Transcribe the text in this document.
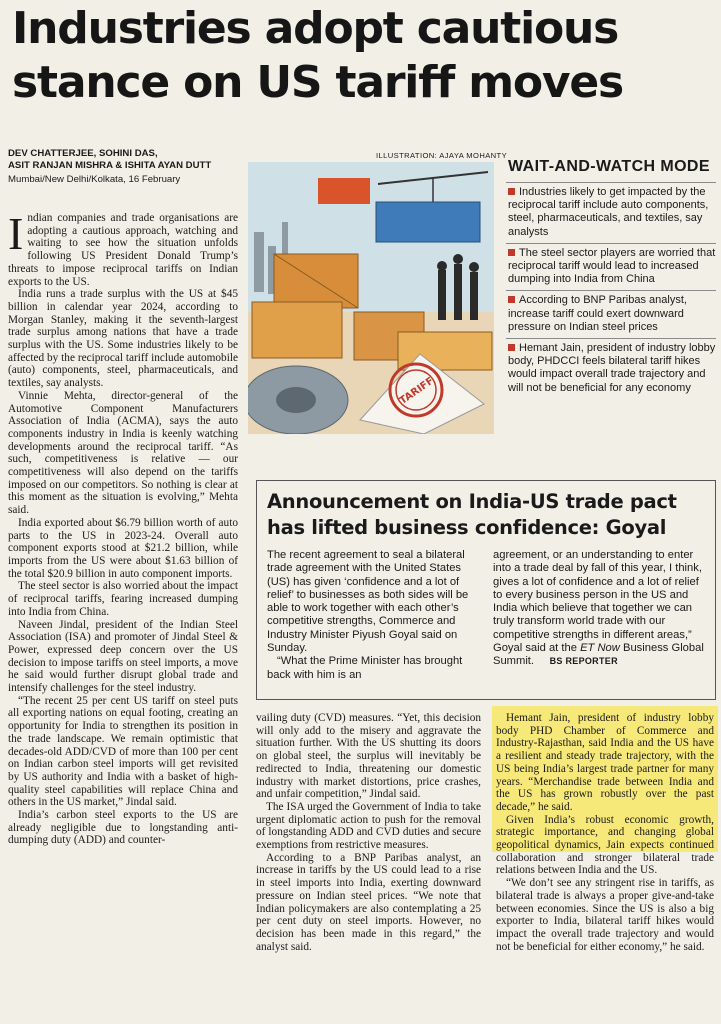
Industries adopt cautious
stance on US tariff moves
DEV CHATTERJEE, SOHINI DAS,
ASIT RANJAN MISHRA & ISHITA AYAN DUTT
Mumbai/New Delhi/Kolkata, 16 February

Indian companies and trade organisations are adopting a cautious approach, watching and waiting to see how the situation unfolds following US President Donald Trump’s threats to impose reciprocal tariffs on Indian exports to the US.

India runs a trade surplus with the US at $45 billion in calendar year 2024, according to Morgan Stanley, making it the seventh-largest trade surplus among nations that have a trade surplus with the US. Some industries likely to be affected by the reciprocal tariff include automobile (auto) components, steel, pharmaceuticals, and textiles, say analysts.

Vinnie Mehta, director-general of the Automotive Component Manufacturers Association of India (ACMA), says the auto components industry in India is keenly watching developments around the reciprocal tariff. “As such, competitiveness is relative — our competitiveness will also depend on the tariffs imposed on our competitors. So nothing is clear at this moment as the situation is evolving,” Mehta said.

India exported about $6.79 billion worth of auto parts to the US in 2023-24. Overall auto component exports stood at $21.2 billion, while imports from the US were about $1.63 billion of the total $20.9 billion in auto component imports.

The steel sector is also worried about the impact of reciprocal tariffs, fearing increased dumping into India from China.

Naveen Jindal, president of the Indian Steel Association (ISA) and promoter of Jindal Steel & Power, expressed deep concern over the US decision to impose tariffs on steel imports, a move he said would further disrupt global trade and intensify challenges for the steel industry.

“The recent 25 per cent US tariff on steel puts all exporting nations on equal footing, creating an opportunity for India to strengthen its position in the trade landscape. We remain optimistic that decades-old ADD/CVD of more than 100 per cent on Indian carbon steel imports will get revisited by US authority and India with a basket of high-quality steel capabilities will replace China and others in the US market,” Jindal said.

India’s carbon steel exports to the US are already negligible due to longstanding anti-dumping duty (ADD) and counter-

ILLUSTRATION: AJAYA MOHANTY
TARIFF
WAIT-AND-WATCH MODE
Industries likely to get impacted by the reciprocal tariff include auto components, steel, pharmaceuticals, and textiles, say analysts
The steel sector players are worried that reciprocal tariff would lead to increased dumping into India from China
According to BNP Paribas analyst, increase tariff could exert downward pressure on Indian steel prices
Hemant Jain, president of industry lobby body, PHDCCI feels bilateral tariff hikes would impact overall trade trajectory and will not be beneficial for any economy
Announcement on India-US trade pact
has lifted business confidence: Goyal

The recent agreement to seal a bilateral trade agreement with the United States (US) has given ‘confidence and a lot of relief’ to businesses as both sides will be able to work together with each other’s competitive strengths, Commerce and Industry Minister Piyush Goyal said on Sunday.

“What the Prime Minister has brought back with him is an

agreement, or an understanding to enter into a trade deal by fall of this year, I think, gives a lot of confidence and a lot of relief to every business person in the US and India which believe that together we can truly transform world trade with our competitive strengths in different areas,” Goyal said at the ET Now Business Global Summit. BS REPORTER

vailing duty (CVD) measures. “Yet, this decision will only add to the misery and aggravate the situation further. With the US shutting its doors on global steel, the surplus will inevitably be redirected to India, threatening our domestic industry with market distortions, price crashes, and unfair competition,” Jindal said.

The ISA urged the Government of India to take urgent diplomatic action to push for the removal of longstanding ADD and CVD duties and secure exemptions from restrictive measures.

According to a BNP Paribas analyst, an increase in tariffs by the US could lead to a rise in steel imports into India, exerting downward pressure on Indian steel prices. “We note that Indian policymakers are also contemplating a 25 per cent duty on steel imports. However, no decision has been made in this regard,” the analyst said.

Hemant Jain, president of industry lobby body PHD Chamber of Commerce and Industry-Rajasthan, said India and the US have a resilient and steady trade trajectory, with the US being India’s largest trade partner for many years. “Merchandise trade between India and the US has grown robustly over the past decade,” he said.

Given India’s robust economic growth, strategic importance, and changing global geopolitical dynamics, Jain expects continued collaboration and stronger bilateral trade relations between India and the US.

“We don’t see any stringent rise in tariffs, as bilateral trade is always a proper give-and-take between economies. Since the US is also a big exporter to India, bilateral tariff hikes would impact the overall trade trajectory and would not be beneficial for either economy,” he said.
